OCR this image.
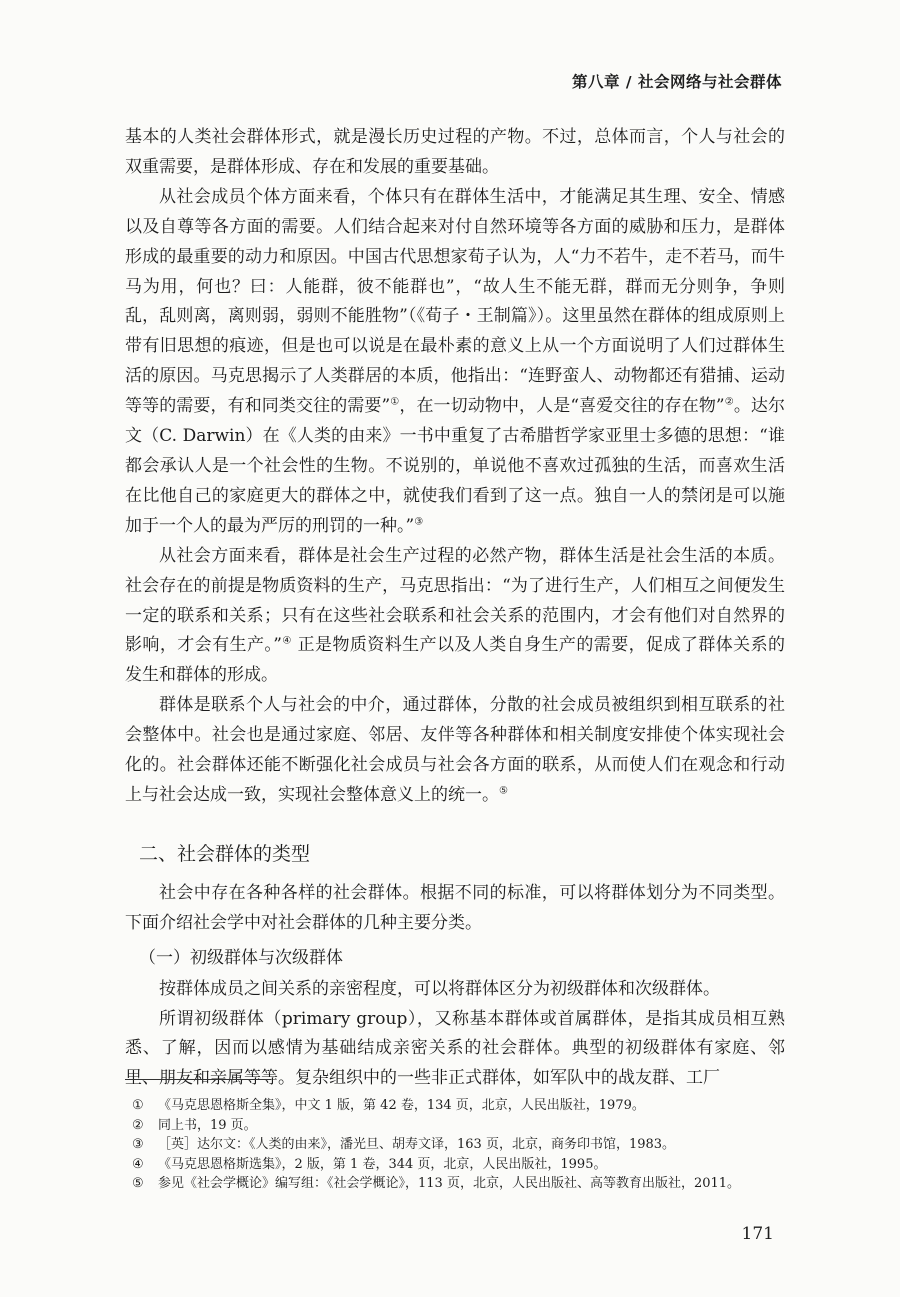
第八章 / 社会网络与社会群体

基本的人类社会群体形式，就是漫长历史过程的产物。不过，总体而言，个人与社会的双重需要，是群体形成、存在和发展的重要基础。

从社会成员个体方面来看，个体只有在群体生活中，才能满足其生理、安全、情感以及自尊等各方面的需要。人们结合起来对付自然环境等各方面的威胁和压力，是群体形成的最重要的动力和原因。中国古代思想家荀子认为，人“力不若牛，走不若马，而牛马为用，何也？曰：人能群，彼不能群也”，“故人生不能无群，群而无分则争，争则乱，乱则离，离则弱，弱则不能胜物”（《荀子・王制篇》）。这里虽然在群体的组成原则上带有旧思想的痕迹，但是也可以说是在最朴素的意义上从一个方面说明了人们过群体生活的原因。马克思揭示了人类群居的本质，他指出：“连野蛮人、动物都还有猎捕、运动等等的需要，有和同类交往的需要”①，在一切动物中，人是“喜爱交往的存在物”②。达尔文（C. Darwin）在《人类的由来》一书中重复了古希腊哲学家亚里士多德的思想：“谁都会承认人是一个社会性的生物。不说别的，单说他不喜欢过孤独的生活，而喜欢生活在比他自己的家庭更大的群体之中，就使我们看到了这一点。独自一人的禁闭是可以施加于一个人的最为严厉的刑罚的一种。”③

从社会方面来看，群体是社会生产过程的必然产物，群体生活是社会生活的本质。社会存在的前提是物质资料的生产，马克思指出：“为了进行生产，人们相互之间便发生一定的联系和关系；只有在这些社会联系和社会关系的范围内，才会有他们对自然界的影响，才会有生产。”④ 正是物质资料生产以及人类自身生产的需要，促成了群体关系的发生和群体的形成。

群体是联系个人与社会的中介，通过群体，分散的社会成员被组织到相互联系的社会整体中。社会也是通过家庭、邻居、友伴等各种群体和相关制度安排使个体实现社会化的。社会群体还能不断强化社会成员与社会各方面的联系，从而使人们在观念和行动上与社会达成一致，实现社会整体意义上的统一。⑤

二、社会群体的类型

社会中存在各种各样的社会群体。根据不同的标准，可以将群体划分为不同类型。下面介绍社会学中对社会群体的几种主要分类。

（一）初级群体与次级群体

按群体成员之间关系的亲密程度，可以将群体区分为初级群体和次级群体。

所谓初级群体（primary group），又称基本群体或首属群体，是指其成员相互熟悉、了解，因而以感情为基础结成亲密关系的社会群体。典型的初级群体有家庭、邻里、朋友和亲属等等。复杂组织中的一些非正式群体，如军队中的战友群、工厂

①	《马克思恩格斯全集》，中文 1 版，第 42 卷，134 页，北京，人民出版社，1979。
②	同上书，19 页。
③	［英］达尔文：《人类的由来》，潘光旦、胡寿文译，163 页，北京，商务印书馆，1983。
④	《马克思恩格斯选集》，2 版，第 1 卷，344 页，北京，人民出版社，1995。
⑤	参见《社会学概论》编写组：《社会学概论》，113 页，北京，人民出版社、高等教育出版社，2011。
171
